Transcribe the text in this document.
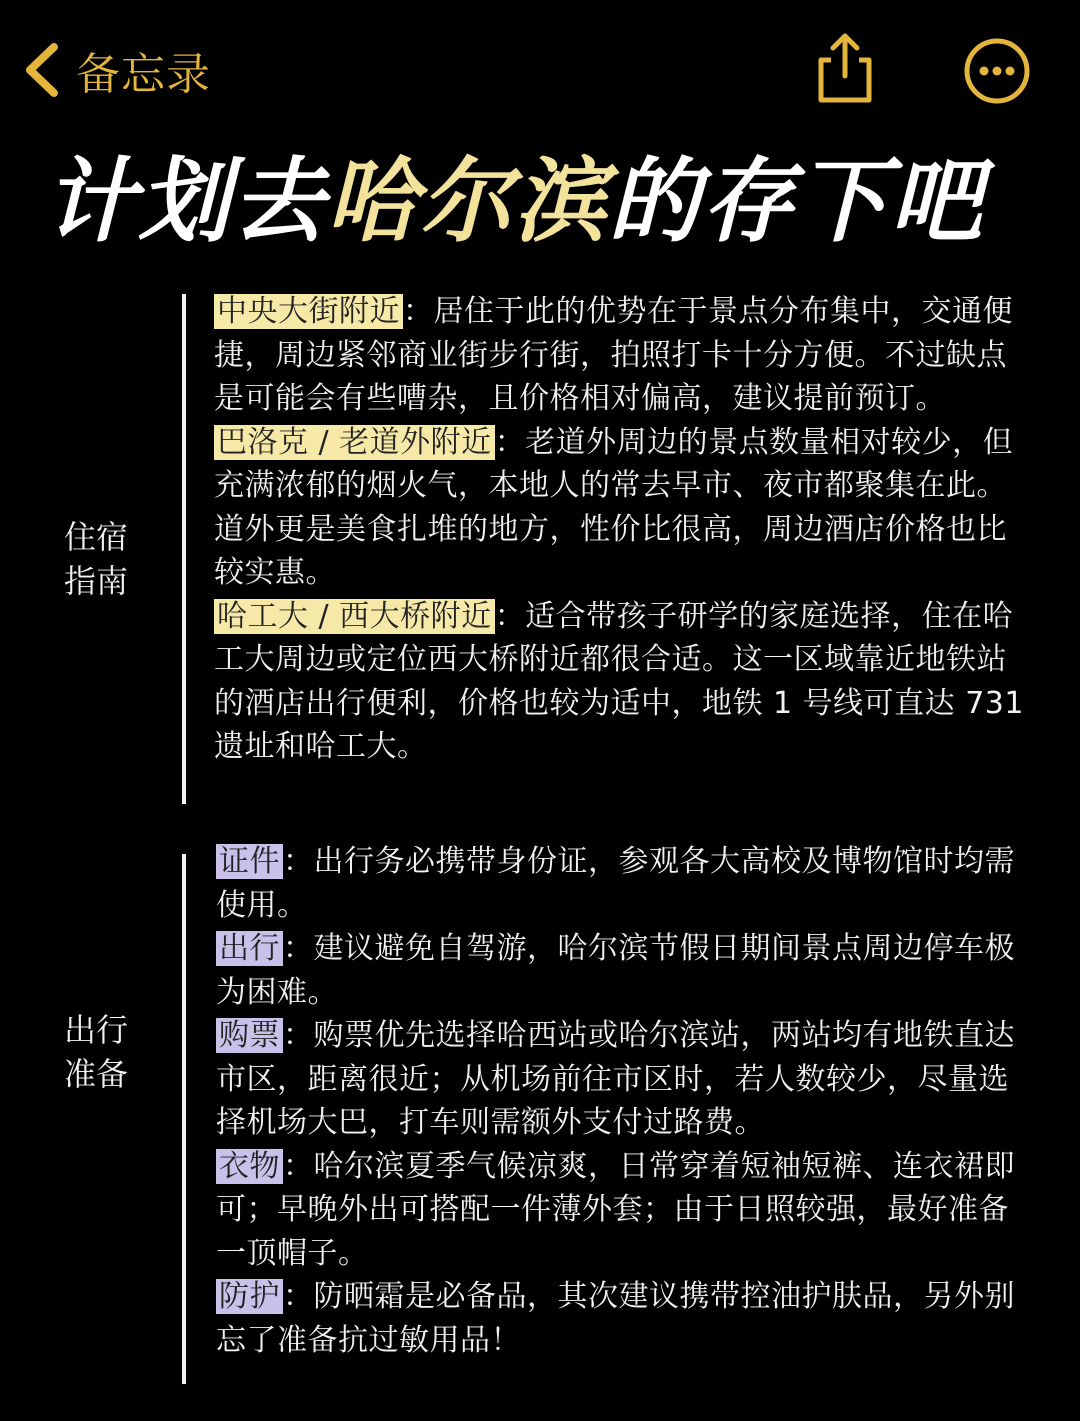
备忘录
计划去哈尔滨的存下吧
住宿
指南

中央大街附近 ：居住于此的优势在于景点分布集中，交通便捷，周边紧邻商业街步行街，拍照打卡十分方便。不过缺点是可能会有些嘈杂，且价格相对偏高，建议提前预订。

巴洛克 / 老道外附近 ：老道外周边的景点数量相对较少，但充满浓郁的烟火气，本地人的常去早市、夜市都聚集在此。道外更是美食扎堆的地方，性价比很高，周边酒店价格也比较实惠。

哈工大 / 西大桥附近 ：适合带孩子研学的家庭选择，住在哈工大周边或定位西大桥附近都很合适。这一区域靠近地铁站的酒店出行便利，价格也较为适中，地铁 1 号线可直达 731 遗址和哈工大。

出行
准备

证件 ：出行务必携带身份证，参观各大高校及博物馆时均需使用。

出行 ：建议避免自驾游，哈尔滨节假日期间景点周边停车极为困难。

购票 ：购票优先选择哈西站或哈尔滨站，两站均有地铁直达市区，距离很近；从机场前往市区时，若人数较少，尽量选择机场大巴，打车则需额外支付过路费。

衣物 ：哈尔滨夏季气候凉爽，日常穿着短袖短裤、连衣裙即可；早晚外出可搭配一件薄外套；由于日照较强，最好准备一顶帽子。

防护 ：防晒霜是必备品，其次建议携带控油护肤品，另外别忘了准备抗过敏用品！
